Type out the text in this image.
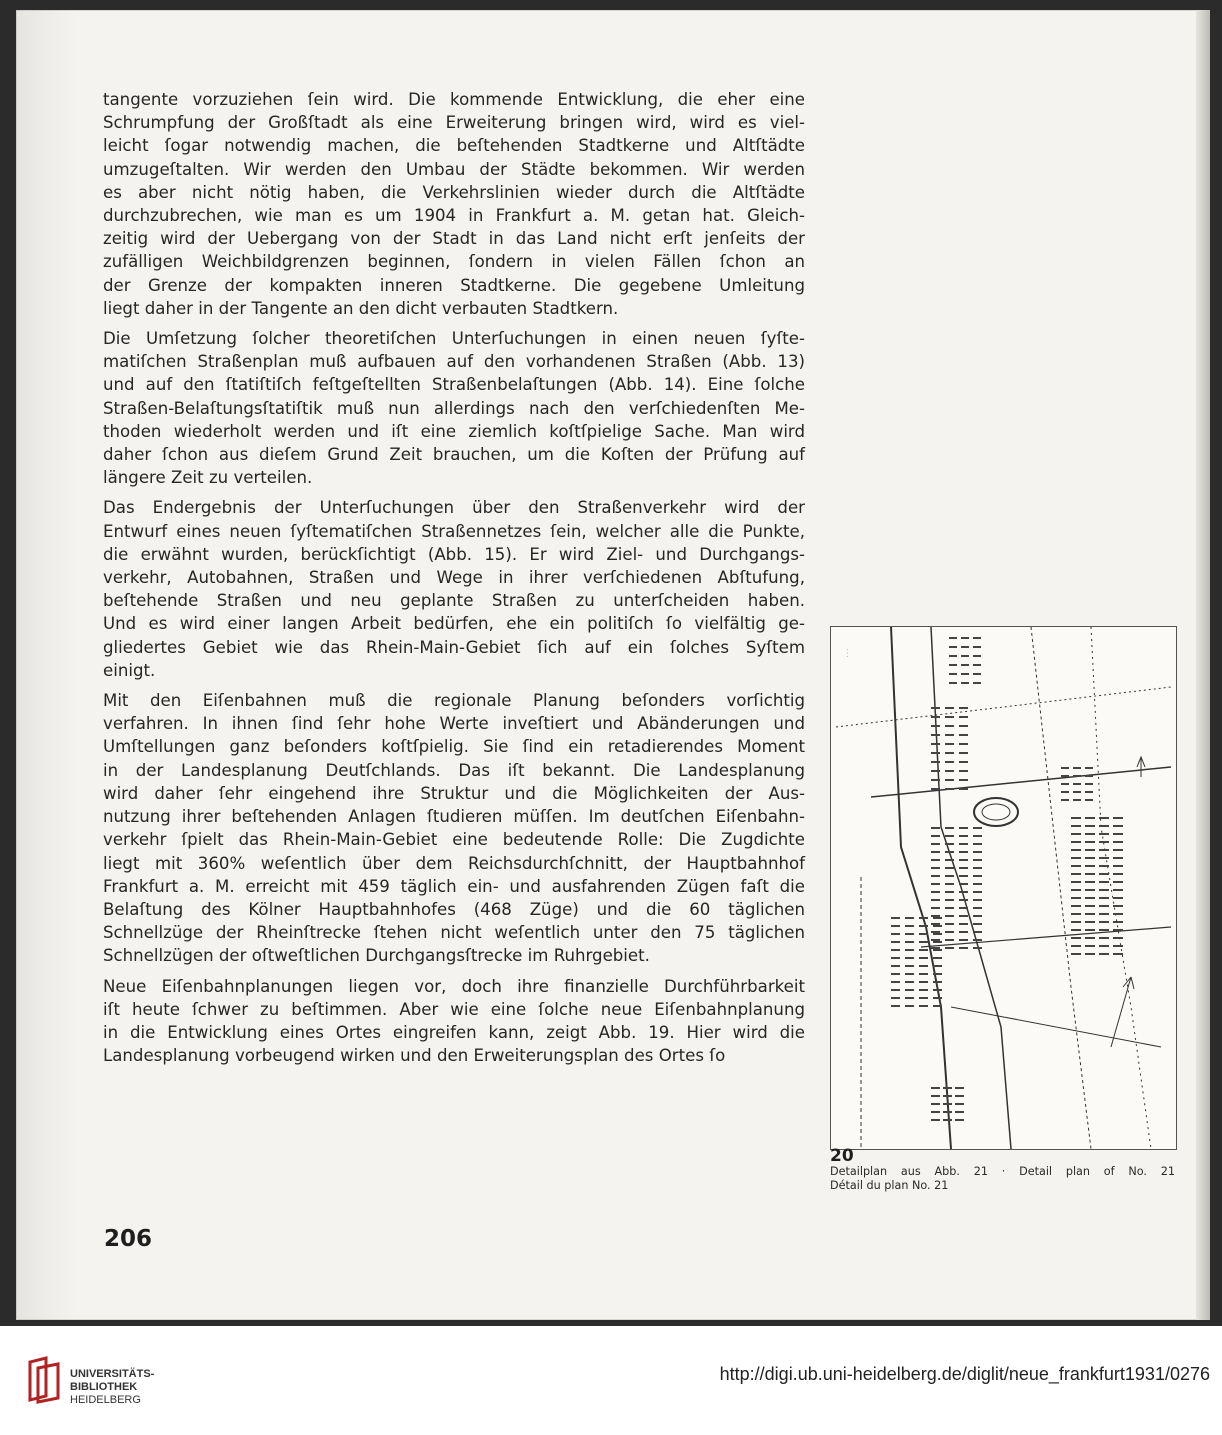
tangente vorzuziehen ſein wird. Die kommende Entwicklung, die eher eine
Schrumpfung der Großſtadt als eine Erweiterung bringen wird, wird es viel-
leicht ſogar notwendig machen, die beſtehenden Stadtkerne und Altſtädte
umzugeſtalten. Wir werden den Umbau der Städte bekommen. Wir werden
es aber nicht nötig haben, die Verkehrslinien wieder durch die Altſtädte
durchzubrechen, wie man es um 1904 in Frankfurt a. M. getan hat. Gleich-
zeitig wird der Uebergang von der Stadt in das Land nicht erſt jenſeits der
zufälligen Weichbildgrenzen beginnen, ſondern in vielen Fällen ſchon an
der Grenze der kompakten inneren Stadtkerne. Die gegebene Umleitung
liegt daher in der Tangente an den dicht verbauten Stadtkern.
Die Umſetzung ſolcher theoretiſchen Unterſuchungen in einen neuen ſyſte-
matiſchen Straßenplan muß aufbauen auf den vorhandenen Straßen (Abb. 13)
und auf den ſtatiſtiſch feſtgeſtellten Straßenbelaſtungen (Abb. 14). Eine ſolche
Straßen-Belaſtungsſtatiſtik muß nun allerdings nach den verſchiedenſten Me-
thoden wiederholt werden und iſt eine ziemlich koſtſpielige Sache. Man wird
daher ſchon aus dieſem Grund Zeit brauchen, um die Koſten der Prüfung auf
längere Zeit zu verteilen.
Das Endergebnis der Unterſuchungen über den Straßenverkehr wird der
Entwurf eines neuen ſyſtematiſchen Straßennetzes ſein, welcher alle die Punkte,
die erwähnt wurden, berückſichtigt (Abb. 15). Er wird Ziel- und Durchgangs-
verkehr, Autobahnen, Straßen und Wege in ihrer verſchiedenen Abſtufung,
beſtehende Straßen und neu geplante Straßen zu unterſcheiden haben.
Und es wird einer langen Arbeit bedürfen, ehe ein politiſch ſo vielfältig ge-
gliedertes Gebiet wie das Rhein-Main-Gebiet ſich auf ein ſolches Syſtem
einigt.
Mit den Eiſenbahnen muß die regionale Planung beſonders vorſichtig
verfahren. In ihnen ſind ſehr hohe Werte inveſtiert und Abänderungen und
Umſtellungen ganz beſonders koſtſpielig. Sie ſind ein retadierendes Moment
in der Landesplanung Deutſchlands. Das iſt bekannt. Die Landesplanung
wird daher ſehr eingehend ihre Struktur und die Möglichkeiten der Aus-
nutzung ihrer beſtehenden Anlagen ſtudieren müſſen. Im deutſchen Eiſenbahn-
verkehr ſpielt das Rhein-Main-Gebiet eine bedeutende Rolle: Die Zugdichte
liegt mit 360% weſentlich über dem Reichsdurchſchnitt, der Hauptbahnhof
Frankfurt a. M. erreicht mit 459 täglich ein- und ausfahrenden Zügen faſt die
Belaſtung des Kölner Hauptbahnhofes (468 Züge) und die 60 täglichen
Schnellzüge der Rheinſtrecke ſtehen nicht weſentlich unter den 75 täglichen
Schnellzügen der oſtweſtlichen Durchgangsſtrecke im Ruhrgebiet.
Neue Eiſenbahnplanungen liegen vor, doch ihre finanzielle Durchführbarkeit
iſt heute ſchwer zu beſtimmen. Aber wie eine ſolche neue Eiſenbahnplanung
in die Entwicklung eines Ortes eingreifen kann, zeigt Abb. 19. Hier wird die
Landesplanung vorbeugend wirken und den Erweiterungsplan des Ortes ſo
· · ·
20
Detailplan aus Abb. 21 · Detail plan of No. 21
Détail du plan No. 21
206
UNIVERSITÄTS-
BIBLIOTHEK
HEIDELBERG
http://digi.ub.uni-heidelberg.de/diglit/neue_frankfurt1931/0276
